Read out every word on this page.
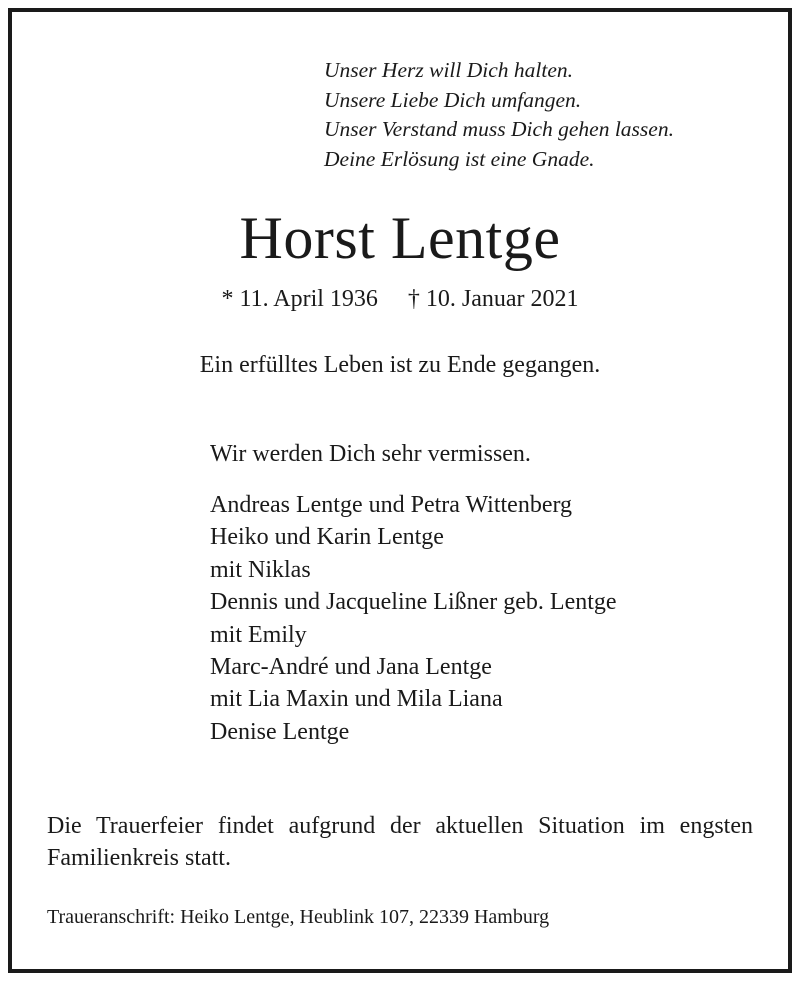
Unser Herz will Dich halten.
Unsere Liebe Dich umfangen.
Unser Verstand muss Dich gehen lassen.
Deine Erlösung ist eine Gnade.
Horst Lentge
* 11. April 1936 † 10. Januar 2021
Ein erfülltes Leben ist zu Ende gegangen.
Wir werden Dich sehr vermissen.
Andreas Lentge und Petra Wittenberg
Heiko und Karin Lentge
mit Niklas
Dennis und Jacqueline Lißner geb. Lentge
mit Emily
Marc-André und Jana Lentge
mit Lia Maxin und Mila Liana
Denise Lentge
Die Trauerfeier findet aufgrund der aktuellen Situation im engsten Familienkreis statt.
Traueranschrift: Heiko Lentge, Heublink 107, 22339 Hamburg
